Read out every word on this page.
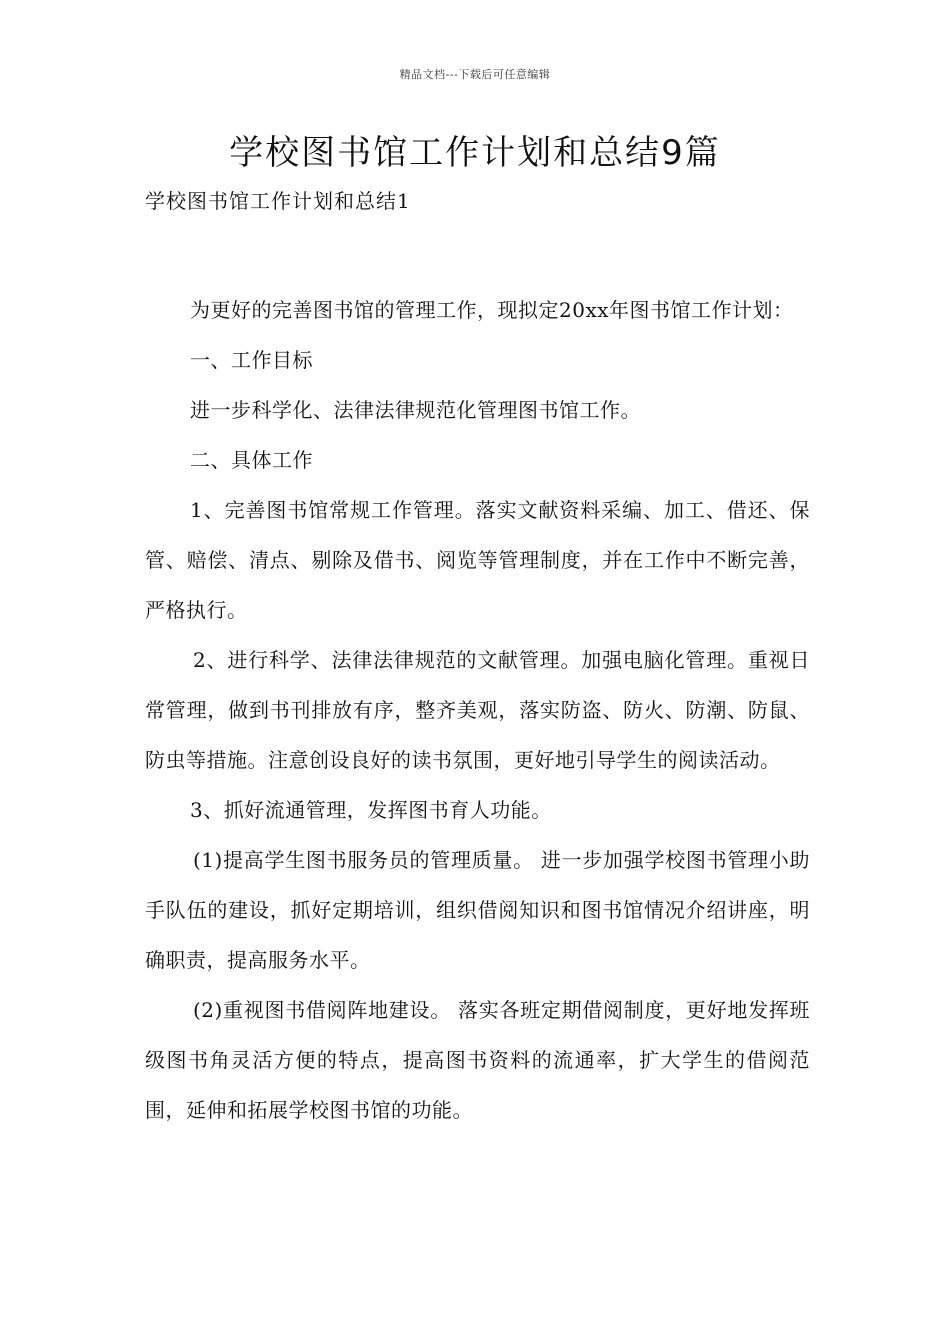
精品文档---下载后可任意编辑
学校图书馆工作计划和总结9篇
学校图书馆工作计划和总结1

为更好的完善图书馆的管理工作，现拟定20xx年图书馆工作计划：

一、工作目标

进一步科学化、法律法律规范化管理图书馆工作。

二、具体工作

1、完善图书馆常规工作管理。落实文献资料采编、加工、借还、保管、赔偿、清点、剔除及借书、阅览等管理制度，并在工作中不断完善，严格执行。

2、进行科学、法律法律规范的文献管理。加强电脑化管理。重视日常管理，做到书刊排放有序，整齐美观，落实防盗、防火、防潮、防鼠、防虫等措施。注意创设良好的读书氛围，更好地引导学生的阅读活动。

3、抓好流通管理，发挥图书育人功能。

(1)提高学生图书服务员的管理质量。 进一步加强学校图书管理小助手队伍的建设，抓好定期培训，组织借阅知识和图书馆情况介绍讲座，明确职责，提高服务水平。

(2)重视图书借阅阵地建设。 落实各班定期借阅制度，更好地发挥班级图书角灵活方便的特点，提高图书资料的流通率，扩大学生的借阅范围，延伸和拓展学校图书馆的功能。
